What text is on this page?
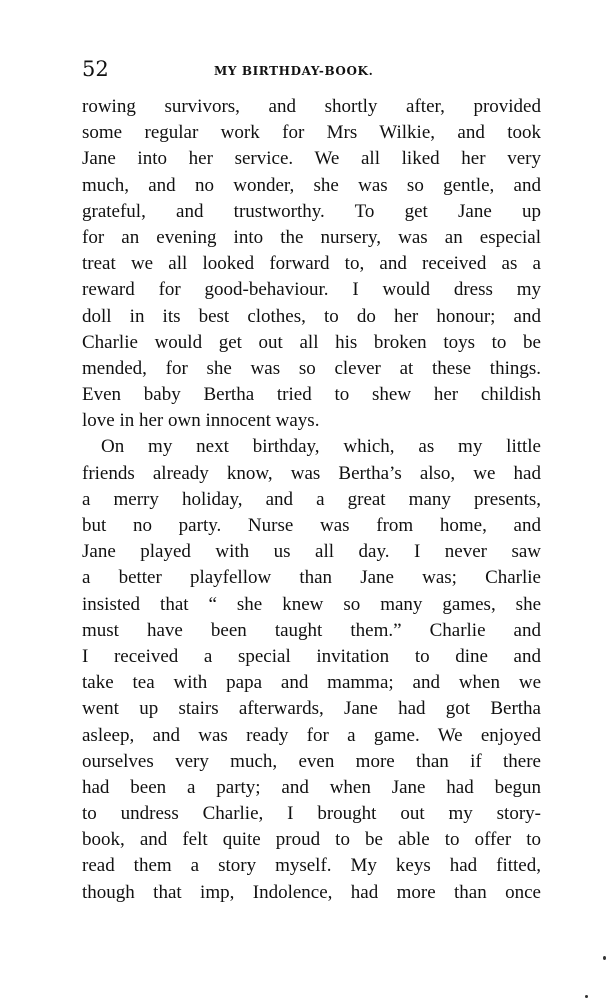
52	MY BIRTHDAY-BOOK.
rowing survivors, and shortly after, provided
some regular work for Mrs Wilkie, and took
Jane into her service. We all liked her very
much, and no wonder, she was so gentle, and
grateful, and trustworthy. To get Jane up
for an evening into the nursery, was an especial
treat we all looked forward to, and received as a
reward for good-behaviour. I would dress my
doll in its best clothes, to do her honour; and
Charlie would get out all his broken toys to be
mended, for she was so clever at these things.
Even baby Bertha tried to shew her childish
love in her own innocent ways.
On my next birthday, which, as my little
friends already know, was Bertha’s also, we had
a merry holiday, and a great many presents,
but no party. Nurse was from home, and
Jane played with us all day. I never saw
a better playfellow than Jane was; Charlie
insisted that “ she knew so many games, she
must have been taught them.” Charlie and
I received a special invitation to dine and
take tea with papa and mamma; and when we
went up stairs afterwards, Jane had got Bertha
asleep, and was ready for a game. We enjoyed
ourselves very much, even more than if there
had been a party; and when Jane had begun
to undress Charlie, I brought out my story-
book, and felt quite proud to be able to offer to
read them a story myself. My keys had fitted,
though that imp, Indolence, had more than once
